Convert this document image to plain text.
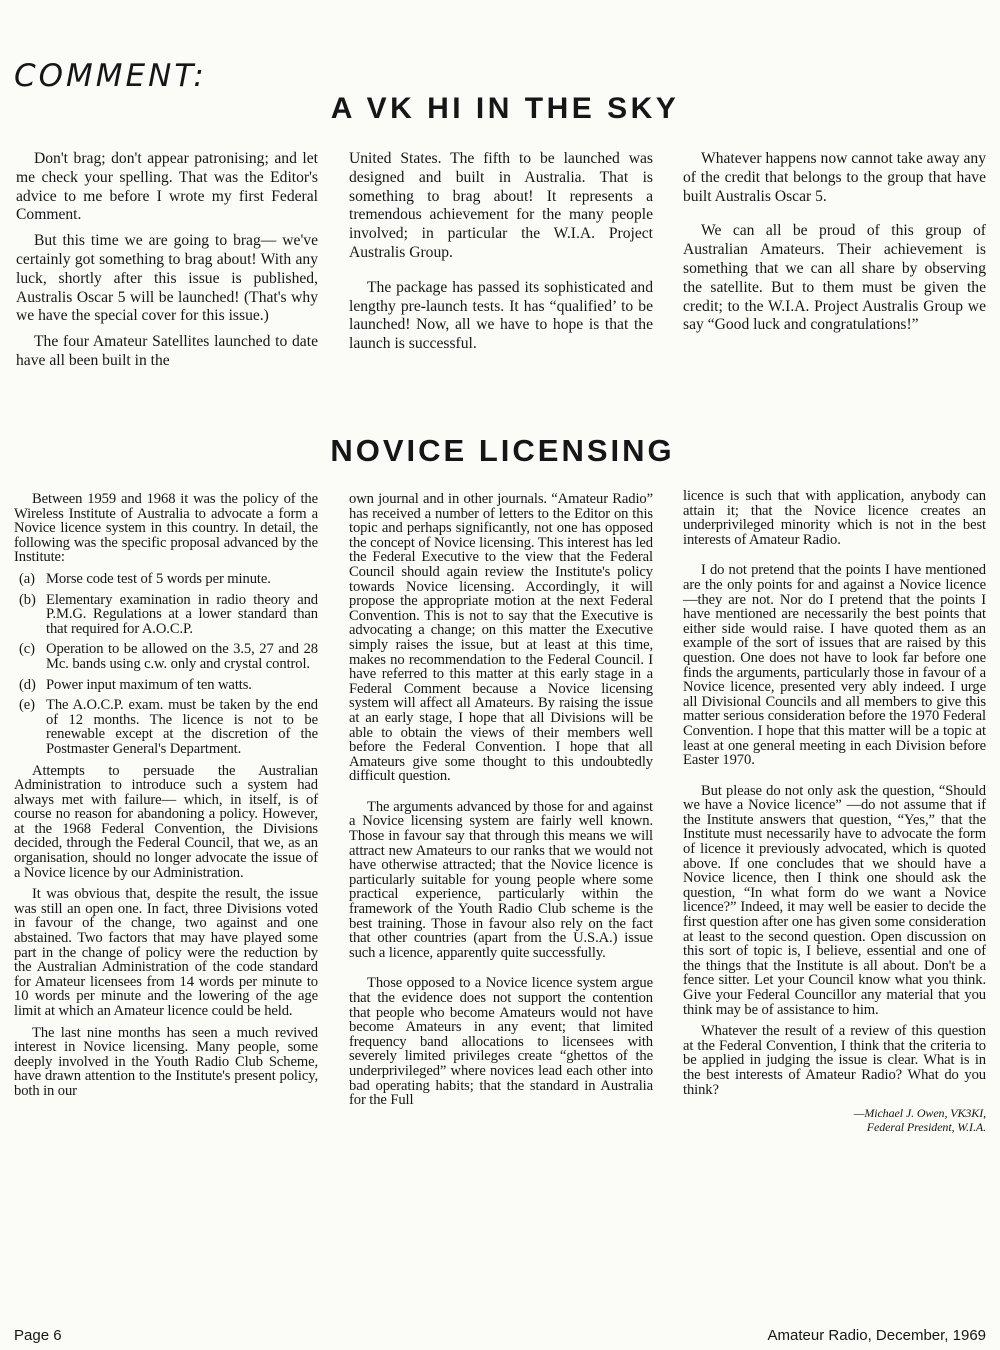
COMMENT:
A VK HI IN THE SKY

Don't brag; don't appear patronising; and let me check your spelling. That was the Editor's advice to me before I wrote my first Federal Comment.

But this time we are going to brag— we've certainly got something to brag about! With any luck, shortly after this issue is published, Australis Oscar 5 will be launched! (That's why we have the special cover for this issue.)

The four Amateur Satellites launched to date have all been built in the

United States. The fifth to be launched was designed and built in Australia. That is something to brag about! It represents a tremendous achievement for the many people involved; in particular the W.I.A. Project Australis Group.

The package has passed its sophisticated and lengthy pre-launch tests. It has “qualified’ to be launched! Now, all we have to hope is that the launch is successful.

Whatever happens now cannot take away any of the credit that belongs to the group that have built Australis Oscar 5.

We can all be proud of this group of Australian Amateurs. Their achievement is something that we can all share by observing the satellite. But to them must be given the credit; to the W.I.A. Project Australis Group we say “Good luck and congratulations!”

NOVICE LICENSING

Between 1959 and 1968 it was the policy of the Wireless Institute of Australia to advocate a form a Novice licence system in this country. In detail, the following was the specific proposal advanced by the Institute:

(a) Morse code test of 5 words per minute.
(b) Elementary examination in radio theory and P.M.G. Regulations at a lower standard than that required for A.O.C.P.
(c) Operation to be allowed on the 3.5, 27 and 28 Mc. bands using c.w. only and crystal control.
(d) Power input maximum of ten watts.
(e) The A.O.C.P. exam. must be taken by the end of 12 months. The licence is not to be renewable except at the discretion of the Postmaster General's Department.

Attempts to persuade the Australian Administration to introduce such a system had always met with failure— which, in itself, is of course no reason for abandoning a policy. However, at the 1968 Federal Convention, the Divisions decided, through the Federal Council, that we, as an organisation, should no longer advocate the issue of a Novice licence by our Administration.

It was obvious that, despite the result, the issue was still an open one. In fact, three Divisions voted in favour of the change, two against and one abstained. Two factors that may have played some part in the change of policy were the reduction by the Australian Administration of the code standard for Amateur licensees from 14 words per minute to 10 words per minute and the lowering of the age limit at which an Amateur licence could be held.

The last nine months has seen a much revived interest in Novice licensing. Many people, some deeply involved in the Youth Radio Club Scheme, have drawn attention to the Institute's present policy, both in our

own journal and in other journals. “Amateur Radio” has received a number of letters to the Editor on this topic and perhaps significantly, not one has opposed the concept of Novice licensing. This interest has led the Federal Executive to the view that the Federal Council should again review the Institute's policy towards Novice licensing. Accordingly, it will propose the appropriate motion at the next Federal Convention. This is not to say that the Executive is advocating a change; on this matter the Executive simply raises the issue, but at least at this time, makes no recommendation to the Federal Council. I have referred to this matter at this early stage in a Federal Comment because a Novice licensing system will affect all Amateurs. By raising the issue at an early stage, I hope that all Divisions will be able to obtain the views of their members well before the Federal Convention. I hope that all Amateurs give some thought to this undoubtedly difficult question.

The arguments advanced by those for and against a Novice licensing system are fairly well known. Those in favour say that through this means we will attract new Amateurs to our ranks that we would not have otherwise attracted; that the Novice licence is particularly suitable for young people where some practical experience, particularly within the framework of the Youth Radio Club scheme is the best training. Those in favour also rely on the fact that other countries (apart from the U.S.A.) issue such a licence, apparently quite successfully.

Those opposed to a Novice licence system argue that the evidence does not support the contention that people who become Amateurs would not have become Amateurs in any event; that limited frequency band allocations to licensees with severely limited privileges create “ghettos of the underprivileged” where novices lead each other into bad operating habits; that the standard in Australia for the Full

licence is such that with application, anybody can attain it; that the Novice licence creates an underprivileged minority which is not in the best interests of Amateur Radio.

I do not pretend that the points I have mentioned are the only points for and against a Novice licence—they are not. Nor do I pretend that the points I have mentioned are necessarily the best points that either side would raise. I have quoted them as an example of the sort of issues that are raised by this question. One does not have to look far before one finds the arguments, particularly those in favour of a Novice licence, presented very ably indeed. I urge all Divisional Councils and all members to give this matter serious consideration before the 1970 Federal Convention. I hope that this matter will be a topic at least at one general meeting in each Division before Easter 1970.

But please do not only ask the question, “Should we have a Novice licence” —do not assume that if the Institute answers that question, “Yes,” that the Institute must necessarily have to advocate the form of licence it previously advocated, which is quoted above. If one concludes that we should have a Novice licence, then I think one should ask the question, “In what form do we want a Novice licence?” Indeed, it may well be easier to decide the first question after one has given some consideration at least to the second question. Open discussion on this sort of topic is, I believe, essential and one of the things that the Institute is all about. Don't be a fence sitter. Let your Council know what you think. Give your Federal Councillor any material that you think may be of assistance to him.

Whatever the result of a review of this question at the Federal Convention, I think that the criteria to be applied in judging the issue is clear. What is in the best interests of Amateur Radio? What do you think?

—Michael J. Owen, VK3KI,
Federal President, W.I.A.
Page 6	Amateur Radio, December, 1969
